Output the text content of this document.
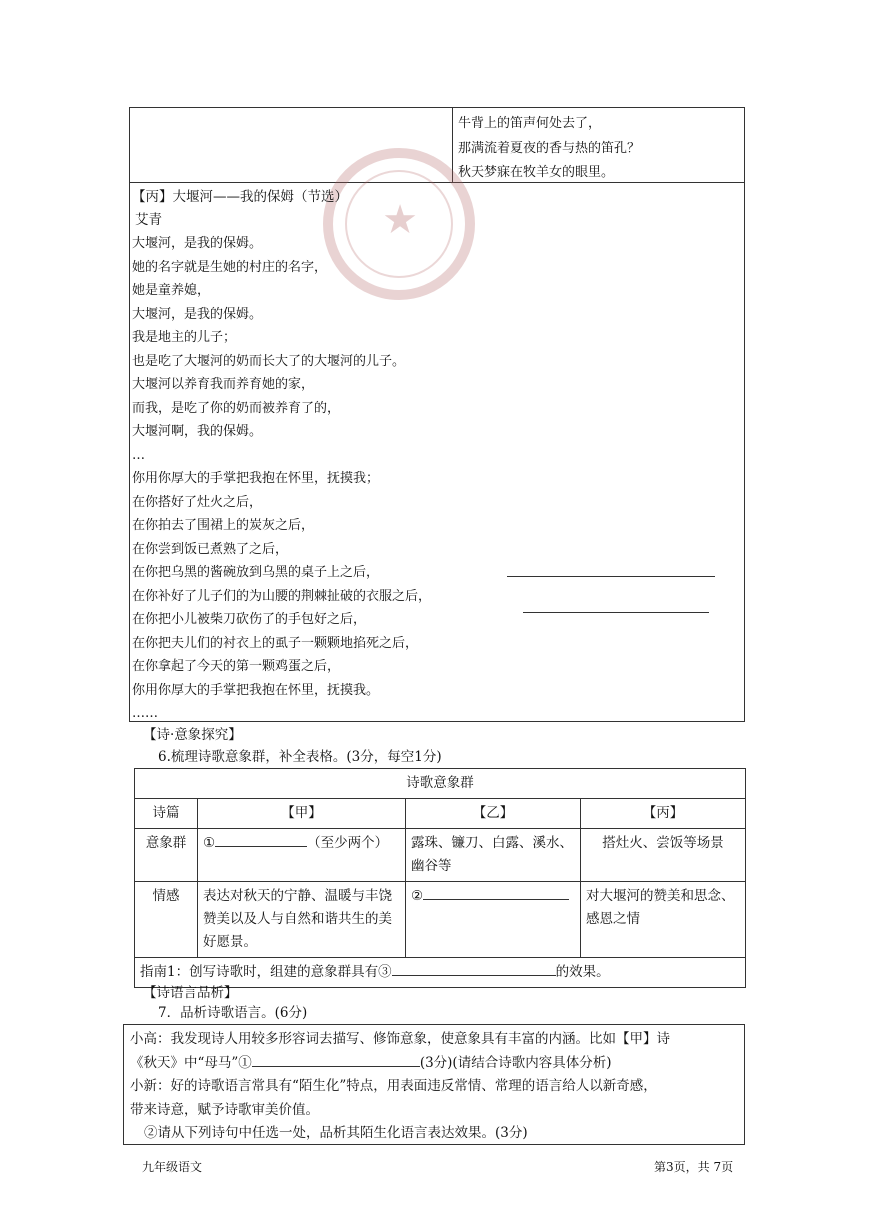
牛背上的笛声何处去了，
那满流着夏夜的香与热的笛孔？
秋天梦寐在牧羊女的眼里。
★
【丙】大堰河——我的保姆（节选）
艾青
大堰河，是我的保姆。
她的名字就是生她的村庄的名字，
她是童养媳，
大堰河，是我的保姆。
我是地主的儿子；
也是吃了大堰河的奶而长大了的大堰河的儿子。
大堰河以养育我而养育她的家，
而我，是吃了你的奶而被养育了的，
大堰河啊，我的保姆。
…
你用你厚大的手掌把我抱在怀里，抚摸我；
在你搭好了灶火之后，
在你拍去了围裙上的炭灰之后，
在你尝到饭已煮熟了之后，
在你把乌黑的酱碗放到乌黑的桌子上之后，
在你补好了儿子们的为山腰的荆棘扯破的衣服之后，
在你把小儿被柴刀砍伤了的手包好之后，
在你把夫儿们的衬衣上的虱子一颗颗地掐死之后，
在你拿起了今天的第一颗鸡蛋之后，
你用你厚大的手掌把我抱在怀里，抚摸我。
……
【诗·意象探究】
6.梳理诗歌意象群，补全表格。(3分，每空1分)
诗歌意象群			
诗篇	【甲】	【乙】	【丙】
意象群	① （至少两个）	露珠、镰刀、白露、溪水、幽谷等	搭灶火、尝饭等场景
情感	表达对秋天的宁静、温暖与丰饶赞美以及人与自然和谐共生的美好愿景。	②	对大堰河的赞美和思念、感恩之情
指南1：创写诗歌时，组建的意象群具有③ 的效果。			
【诗语言品析】
7．品析诗歌语言。(6分)
小高：我发现诗人用较多形容词去描写、修饰意象，使意象具有丰富的内涵。比如【甲】诗
《秋天》中“母马”①	(3分)(请结合诗歌内容具体分析)
小新：好的诗歌语言常具有“陌生化”特点，用表面违反常情、常理的语言给人以新奇感，
带来诗意，赋予诗歌审美价值。
②请从下列诗句中任选一处，品析其陌生化语言表达效果。(3分)
九年级语文	第3页，共 7页
